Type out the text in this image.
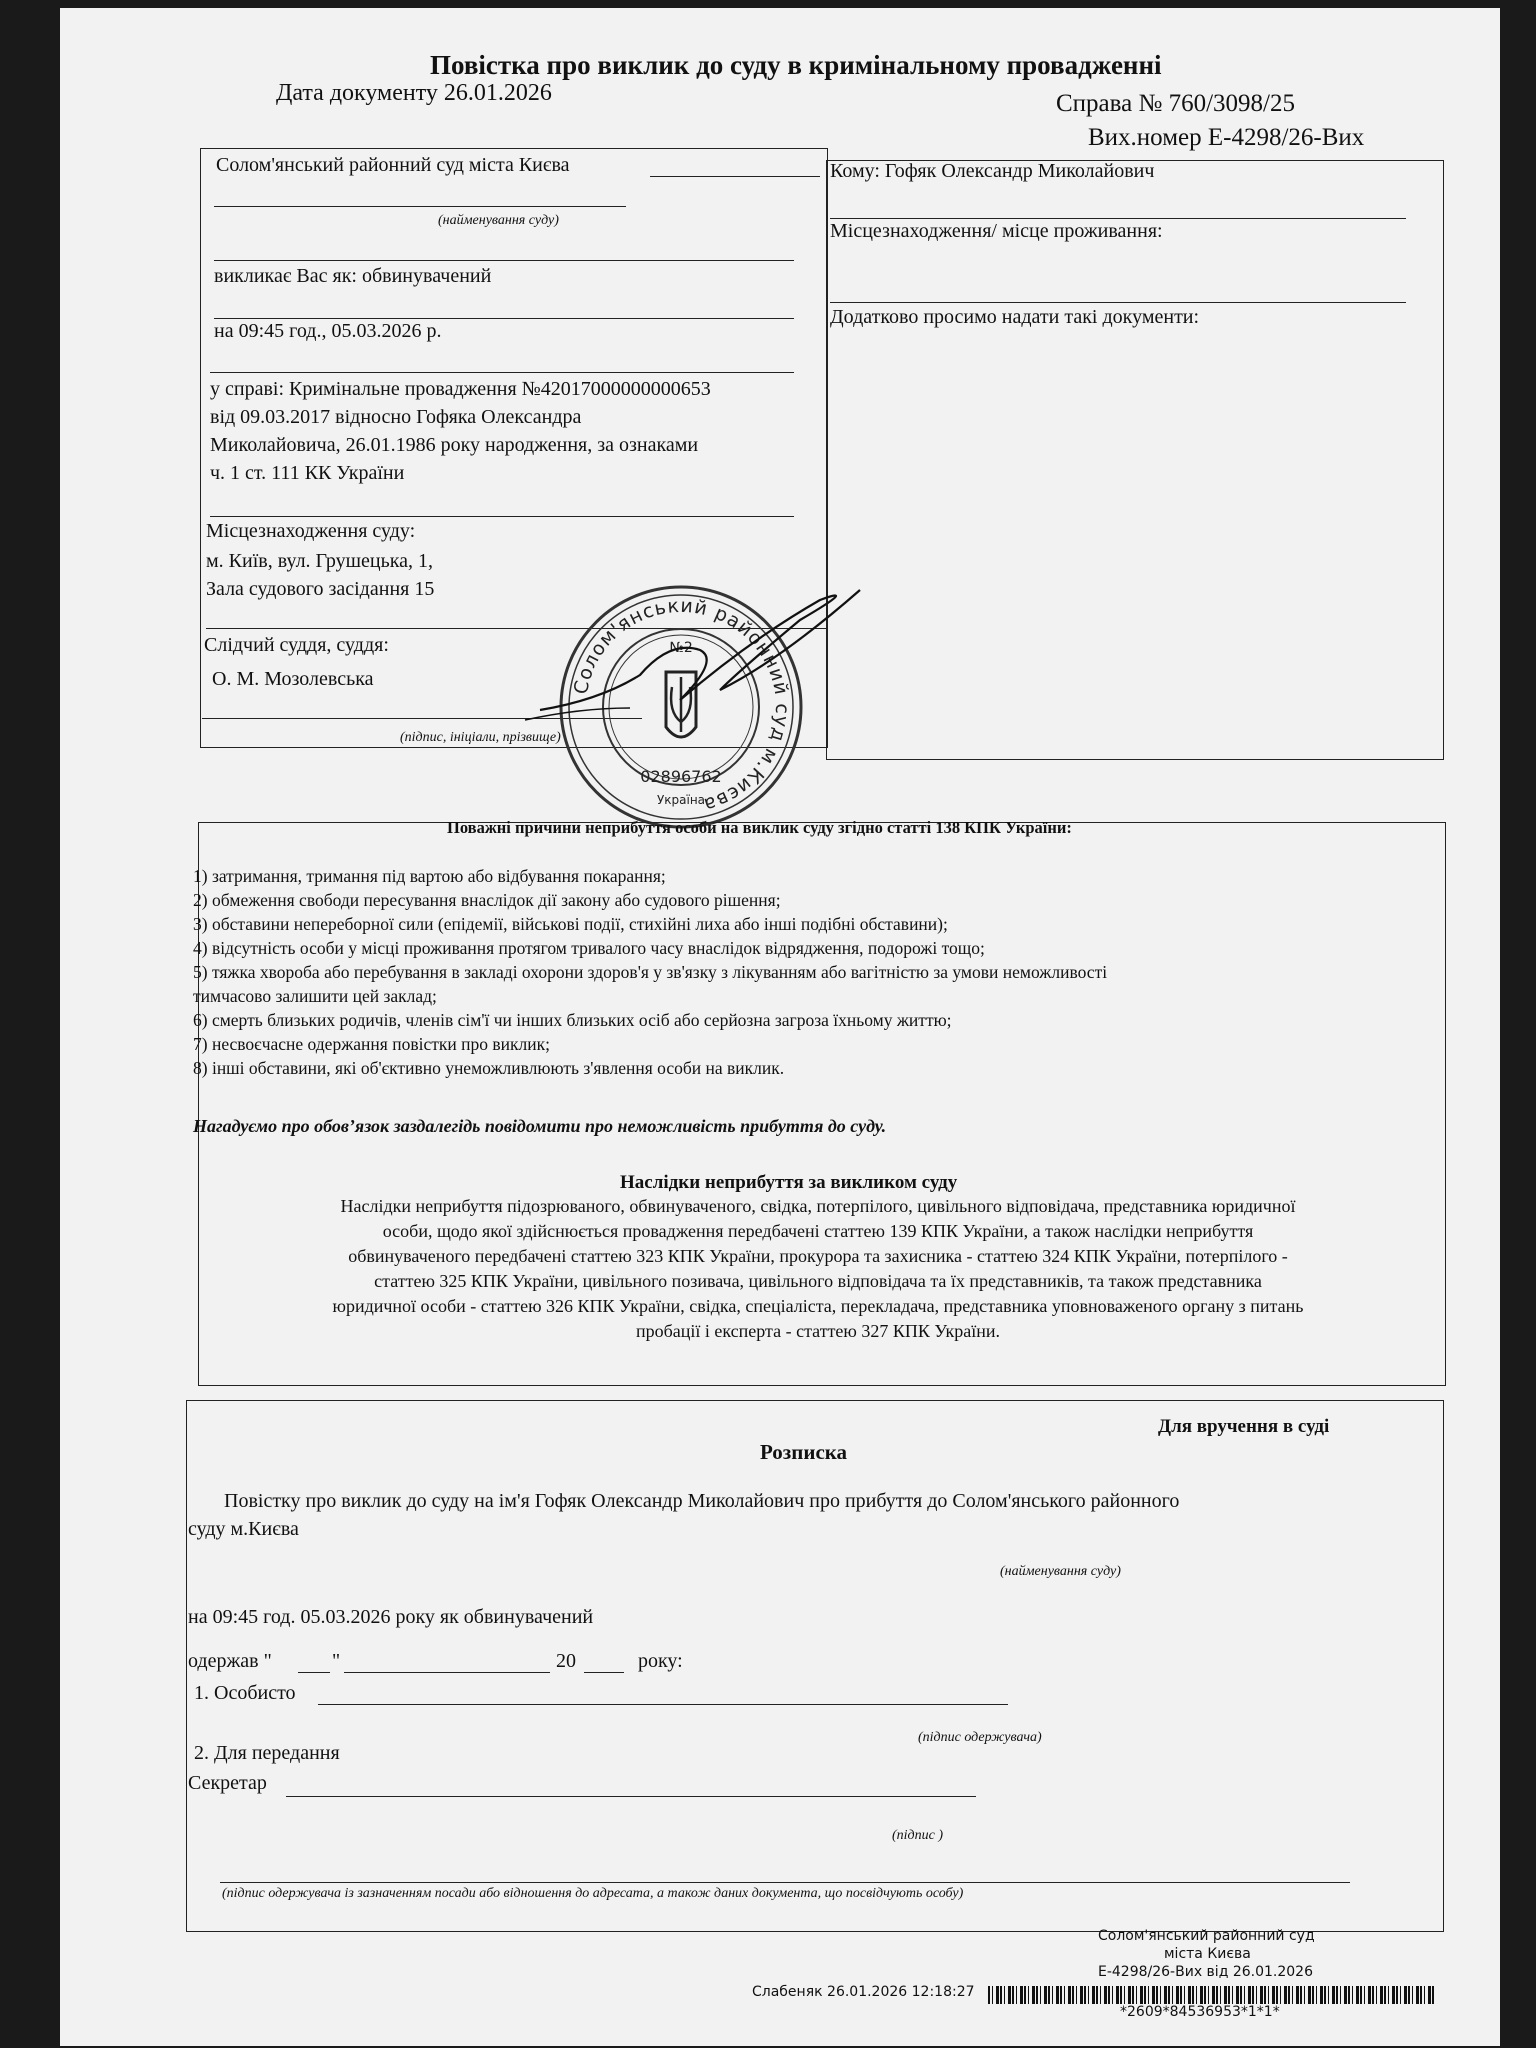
Повістка про виклик до суду в кримінальному провадженні
Дата документу 26.01.2026	Справа № 760/3098/25
Вих.номер Е-4298/26-Вих
Солом'янський районний суд міста Києва
(найменування суду)
викликає Вас як: обвинувачений
на 09:45 год., 05.03.2026 р.
у справі: Кримінальне провадження №42017000000000653
від 09.03.2017 відносно Гофяка Олександра
Миколайовича, 26.01.1986 року народження, за ознаками
ч. 1 ст. 111 КК України
Місцезнаходження суду:
м. Київ, вул. Грушецька, 1,
Зала судового засідання 15
Слідчий суддя, суддя:
О. М. Мозолевська
(підпис, ініціали, прізвище)
Кому: Гофяк Олександр Миколайович
Місцезнаходження/ місце проживання:
Додатково просимо надати такі документи:
Солом'янський районний суд м.Києва
№2
02896762
Україна
Поважні причини неприбуття особи на виклик суду згідно статті 138 КПК України:
1) затримання, тримання під вартою або відбування покарання;
2) обмеження свободи пересування внаслідок дії закону або судового рішення;
3) обставини непереборної сили (епідемії, військові події, стихійні лиха або інші подібні обставини);
4) відсутність особи у місці проживання протягом тривалого часу внаслідок відрядження, подорожі тощо;
5) тяжка хвороба або перебування в закладі охорони здоров'я у зв'язку з лікуванням або вагітністю за умови неможливості
тимчасово залишити цей заклад;
6) смерть близьких родичів, членів сім'ї чи інших близьких осіб або серйозна загроза їхньому життю;
7) несвоєчасне одержання повістки про виклик;
8) інші обставини, які об'єктивно унеможливлюють з'явлення особи на виклик.
Нагадуємо про обов’язок заздалегідь повідомити про неможливість прибуття до суду.
Наслідки неприбуття за викликом суду
Наслідки неприбуття підозрюваного, обвинуваченого, свідка, потерпілого, цивільного відповідача, представника юридичної
особи, щодо якої здійснюється провадження передбачені статтею 139 КПК України, а також наслідки неприбуття
обвинуваченого передбачені статтею 323 КПК України, прокурора та захисника - статтею 324 КПК України, потерпілого -
статтею 325 КПК України, цивільного позивача, цивільного відповідача та їх представників, та також представника
юридичної особи - статтею 326 КПК України, свідка, спеціаліста, перекладача, представника уповноваженого органу з питань
пробації і експерта - статтею 327 КПК України.
Для вручення в суді
Розписка
Повістку про виклик до суду на ім'я Гофяк Олександр Миколайович про прибуття до Солом'янського районного
суду м.Києва
(найменування суду)
на 09:45 год. 05.03.2026 року як обвинувачений
одержав "	"	20	року:
1. Особисто
(підпис одержувача)
2. Для передання
Секретар
(підпис )
(підпис одержувача із зазначенням посади або відношення до адресата, а також даних документа, що посвідчують особу)
Солом'янський районний суд
міста Києва
Е-4298/26-Вих від 26.01.2026
Слабеняк 26.01.2026 12:18:27
*2609*84536953*1*1*
